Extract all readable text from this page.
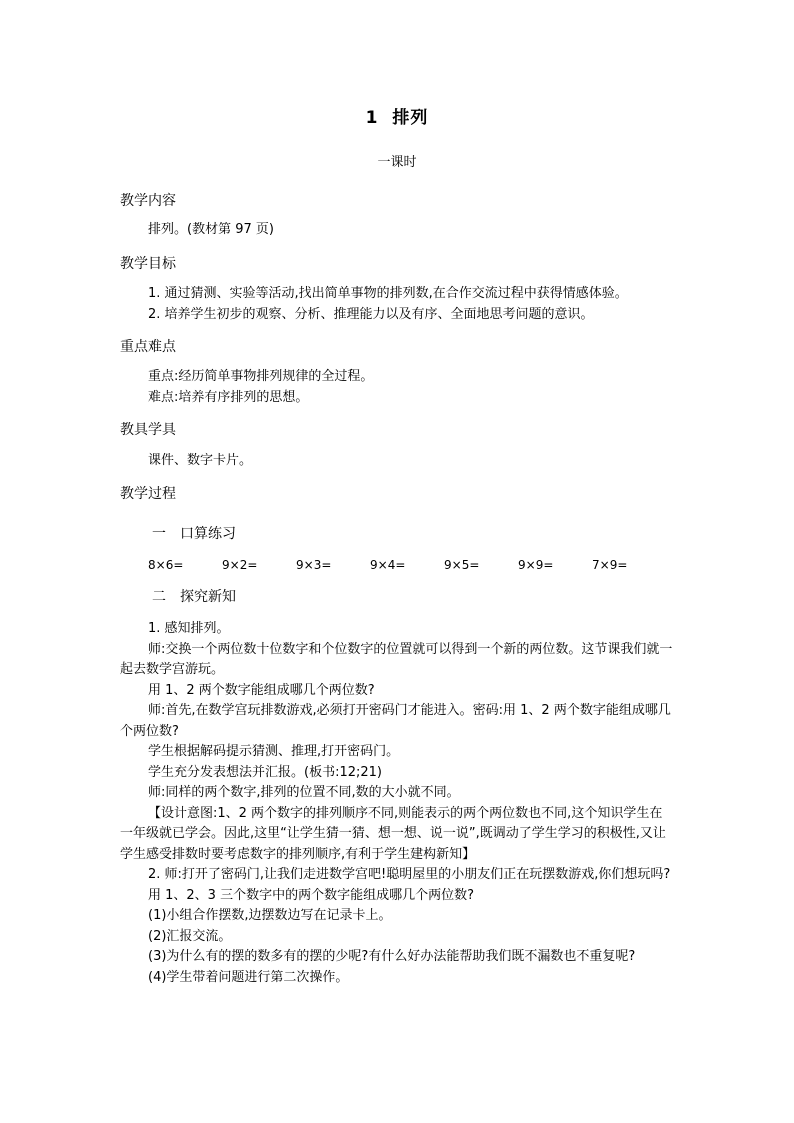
1 排列
一课时
教学内容

排列。(教材第 97 页)

教学目标

1. 通过猜测、实验等活动,找出简单事物的排列数,在合作交流过程中获得情感体验。

2. 培养学生初步的观察、分析、推理能力以及有序、全面地思考问题的意识。

重点难点

重点:经历简单事物排列规律的全过程。

难点:培养有序排列的思想。

教具学具

课件、数字卡片。

教学过程
一 口算练习
8×6=	9×2=	9×3=	9×4=	9×5=	9×9=	7×9=
二 探究新知

1. 感知排列。

师:交换一个两位数十位数字和个位数字的位置就可以得到一个新的两位数。这节课我们就一起去数学宫游玩。

用 1、2 两个数字能组成哪几个两位数?

师:首先,在数学宫玩排数游戏,必须打开密码门才能进入。密码:用 1、2 两个数字能组成哪几个两位数?

学生根据解码提示猜测、推理,打开密码门。

学生充分发表想法并汇报。(板书:12;21)

师:同样的两个数字,排列的位置不同,数的大小就不同。

【设计意图:1、2 两个数字的排列顺序不同,则能表示的两个两位数也不同,这个知识学生在一年级就已学会。因此,这里“让学生猜一猜、想一想、说一说”,既调动了学生学习的积极性,又让学生感受排数时要考虑数字的排列顺序,有利于学生建构新知】

2. 师:打开了密码门,让我们走进数学宫吧!聪明屋里的小朋友们正在玩摆数游戏,你们想玩吗?

用 1、2、3 三个数字中的两个数字能组成哪几个两位数?

(1)小组合作摆数,边摆数边写在记录卡上。

(2)汇报交流。

(3)为什么有的摆的数多有的摆的少呢?有什么好办法能帮助我们既不漏数也不重复呢?

(4)学生带着问题进行第二次操作。
